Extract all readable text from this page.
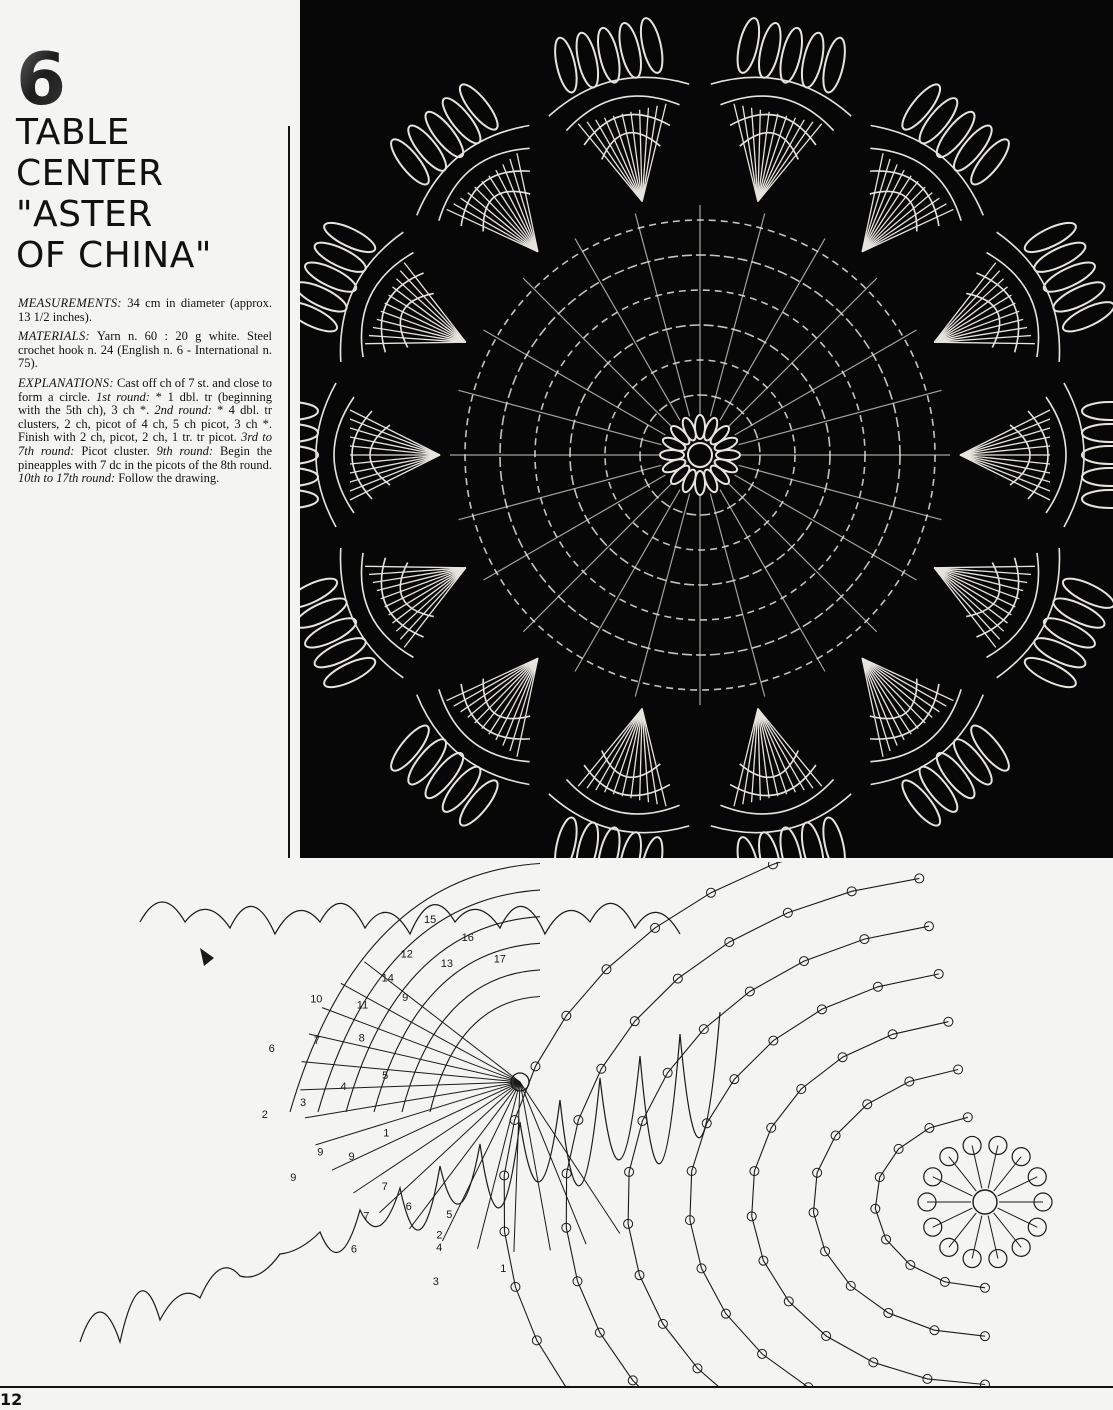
6
TABLE
CENTER
"ASTER
OF CHINA"

MEASUREMENTS: 34 cm in diameter (approx. 13 1/2 inches).

MATERIALS: Yarn n. 60 : 20 g white. Steel crochet hook n. 24 (English n. 6 - International n. 75).

EXPLANATIONS: Cast off ch of 7 st. and close to form a circle. 1st round: * 1 dbl. tr (beginning with the 5th ch), 3 ch *. 2nd round: * 4 dbl. tr clusters, 2 ch, picot of 4 ch, 5 ch picot, 3 ch *. Finish with 2 ch, picot, 2 ch, 1 tr. tr picot. 3rd to 7th round: Picot cluster. 9th round: Begin the pineapples with 7 dc in the picots of the 8th round. 10th to 17th round: Follow the drawing.

17
16
15
14
13
12
11
10	9
8
7
6
5
4
3
2
1
9
9
9
6
7
7
6
5
4
3
2
1
12
